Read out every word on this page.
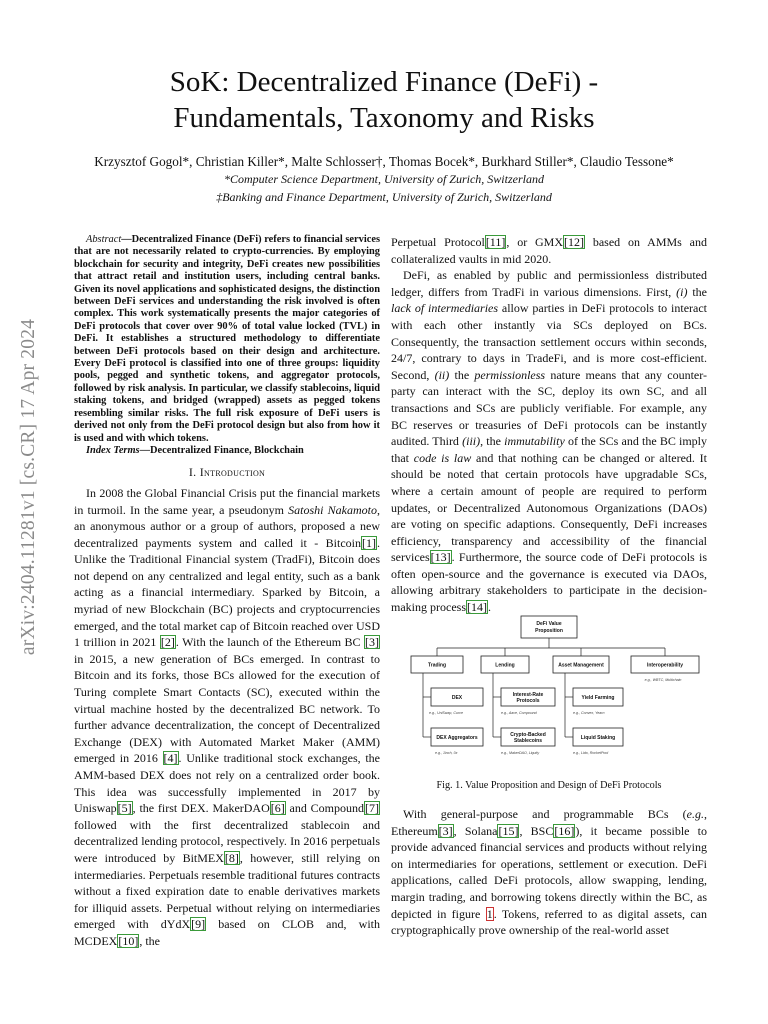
arXiv:2404.11281v1 [cs.CR] 17 Apr 2024
SoK: Decentralized Finance (DeFi) -
Fundamentals, Taxonomy and Risks
Krzysztof Gogol*, Christian Killer*, Malte Schlosser†, Thomas Bocek*, Burkhard Stiller*, Claudio Tessone*
*Computer Science Department, University of Zurich, Switzerland
‡Banking and Finance Department, University of Zurich, Switzerland

Abstract—Decentralized Finance (DeFi) refers to financial services that are not necessarily related to crypto-currencies. By employing blockchain for security and integrity, DeFi creates new possibilities that attract retail and institution users, including central banks. Given its novel applications and sophisticated designs, the distinction between DeFi services and understanding the risk involved is often complex. This work systematically presents the major categories of DeFi protocols that cover over 90% of total value locked (TVL) in DeFi. It establishes a structured methodology to differentiate between DeFi protocols based on their design and architecture. Every DeFi protocol is classified into one of three groups: liquidity pools, pegged and synthetic tokens, and aggregator protocols, followed by risk analysis. In particular, we classify stablecoins, liquid staking tokens, and bridged (wrapped) assets as pegged tokens resembling similar risks. The full risk exposure of DeFi users is derived not only from the DeFi protocol design but also from how it is used and with which tokens.

Index Terms—Decentralized Finance, Blockchain

I. Introduction

In 2008 the Global Financial Crisis put the financial markets in turmoil. In the same year, a pseudonym Satoshi Nakamoto, an anonymous author or a group of authors, proposed a new decentralized payments system and called it - Bitcoin[1]. Unlike the Traditional Financial system (TradFi), Bitcoin does not depend on any centralized and legal entity, such as a bank acting as a financial intermediary. Sparked by Bitcoin, a myriad of new Blockchain (BC) projects and cryptocurrencies emerged, and the total market cap of Bitcoin reached over USD 1 trillion in 2021 [2]. With the launch of the Ethereum BC [3] in 2015, a new generation of BCs emerged. In contrast to Bitcoin and its forks, those BCs allowed for the execution of Turing complete Smart Contacts (SC), executed within the virtual machine hosted by the decentralized BC network. To further advance decentralization, the concept of Decentralized Exchange (DEX) with Automated Market Maker (AMM) emerged in 2016 [4]. Unlike traditional stock exchanges, the AMM-based DEX does not rely on a centralized order book. This idea was successfully implemented in 2017 by Uniswap[5], the first DEX. MakerDAO[6] and Compound[7] followed with the first decentralized stablecoin and decentralized lending protocol, respectively. In 2016 perpetuals were introduced by BitMEX[8], however, still relying on intermediaries. Perpetuals resemble traditional futures contracts without a fixed expiration date to enable derivatives markets for illiquid assets. Perpetual without relying on intermediaries emerged with dYdX[9] based on CLOB and, with MCDEX[10], the

Perpetual Protocol[11], or GMX[12] based on AMMs and collateralized vaults in mid 2020.

DeFi, as enabled by public and permissionless distributed ledger, differs from TradFi in various dimensions. First, (i) the lack of intermediaries allow parties in DeFi protocols to interact with each other instantly via SCs deployed on BCs. Consequently, the transaction settlement occurs within seconds, 24/7, contrary to days in TradeFi, and is more cost-efficient. Second, (ii) the permissionless nature means that any counter-party can interact with the SC, deploy its own SC, and all transactions and SCs are publicly verifiable. For example, any BC reserves or treasuries of DeFi protocols can be instantly audited. Third (iii), the immutability of the SCs and the BC imply that code is law and that nothing can be changed or altered. It should be noted that certain protocols have upgradable SCs, where a certain amount of people are required to perform updates, or Decentralized Autonomous Organizations (DAOs) are voting on specific adaptions. Consequently, DeFi increases efficiency, transparency and accessibility of the financial services[13]. Furthermore, the source code of DeFi protocols is often open-source and the governance is executed via DAOs, allowing arbitrary stakeholders to participate in the decision-making process[14].

DeFi Value
Proposition
Trading	Lending	Asset Management	Interoperability
e.g., WBTC, Multichain
DEX
e.g., UniSwap, Curve
DEX Aggregators
e.g., 1inch, 0x
Interest-Rate
Protocols
e.g., Aave, Compound
Crypto-Backed
Stablecoins
e.g., MakerDAO, Liquity
Yield Farming
e.g., Convex, Yearn
Liquid Staking
e.g., Lido, RocketPool
Fig. 1. Value Proposition and Design of DeFi Protocols

With general-purpose and programmable BCs (e.g., Ethereum[3], Solana[15], BSC[16]), it became possible to provide advanced financial services and products without relying on intermediaries for operations, settlement or execution. DeFi applications, called DeFi protocols, allow swapping, lending, margin trading, and borrowing tokens directly within the BC, as depicted in figure 1. Tokens, referred to as digital assets, can cryptographically prove ownership of the real-world asset
